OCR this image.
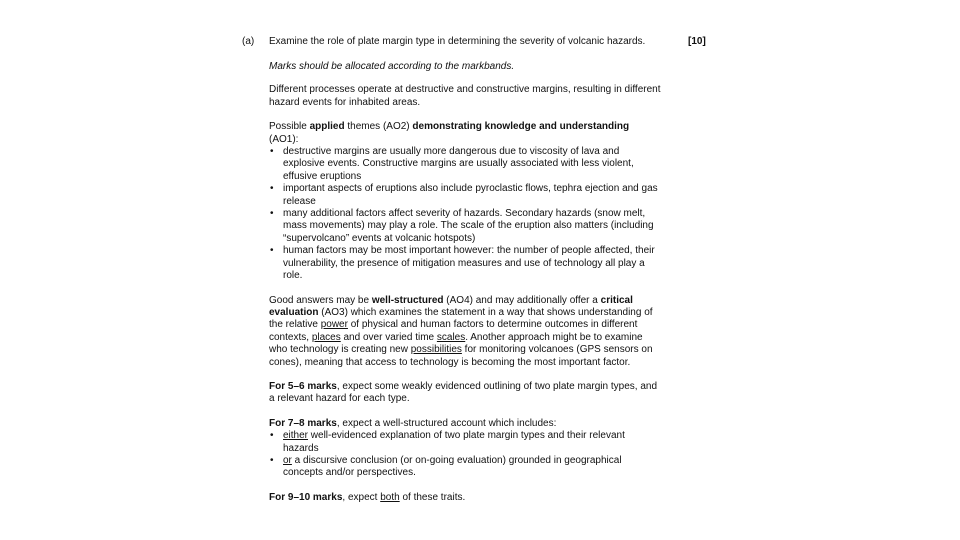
(a) Examine the role of plate margin type in determining the severity of volcanic hazards.	[10]

Marks should be allocated according to the markbands.

Different processes operate at destructive and constructive margins, resulting in different hazard events for inhabited areas.

Possible applied themes (AO2) demonstrating knowledge and understanding (AO1):

• destructive margins are usually more dangerous due to viscosity of lava and explosive events. Constructive margins are usually associated with less violent, effusive eruptions
• important aspects of eruptions also include pyroclastic flows, tephra ejection and gas release
• many additional factors affect severity of hazards. Secondary hazards (snow melt, mass movements) may play a role. The scale of the eruption also matters (including “supervolcano” events at volcanic hotspots)
• human factors may be most important however: the number of people affected, their vulnerability, the presence of mitigation measures and use of technology all play a role.

Good answers may be well-structured (AO4) and may additionally offer a critical evaluation (AO3) which examines the statement in a way that shows understanding of the relative power of physical and human factors to determine outcomes in different contexts, places and over varied time scales. Another approach might be to examine who technology is creating new possibilities for monitoring volcanoes (GPS sensors on cones), meaning that access to technology is becoming the most important factor.

For 5–6 marks, expect some weakly evidenced outlining of two plate margin types, and a relevant hazard for each type.

For 7–8 marks, expect a well-structured account which includes:

• either well-evidenced explanation of two plate margin types and their relevant hazards
• or a discursive conclusion (or on-going evaluation) grounded in geographical concepts and/or perspectives.

For 9–10 marks, expect both of these traits.
